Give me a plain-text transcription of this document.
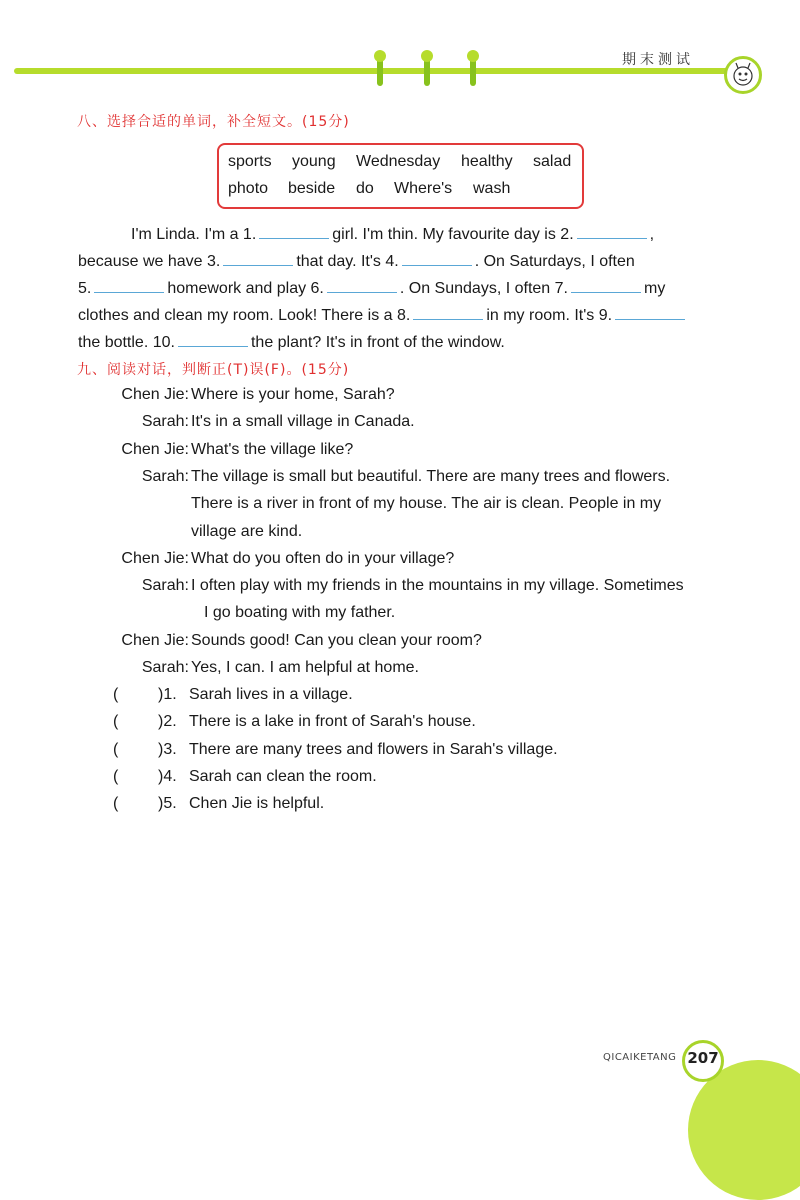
期末测试
八、选择合适的单词，补全短文。(15分)
sports young Wednesday healthy salad
photo beside do Where's wash
I'm Linda. I'm a 1.	girl. I'm thin. My favourite day is 2.	,
because we have 3.	that day. It's 4.	. On Saturdays, I often
5.	homework and play 6.	. On Sundays, I often 7.	my
clothes and clean my room. Look! There is a 8.	in my room. It's 9.
the bottle. 10.	the plant? It's in front of the window.
九、阅读对话，判断正(T)误(F)。(15分)
Chen Jie: Where is your home, Sarah?
Sarah: It's in a small village in Canada.
Chen Jie: What's the village like?
Sarah: The village is small but beautiful. There are many trees and flowers.
There is a river in front of my house. The air is clean. People in my
village are kind.
Chen Jie: What do you often do in your village?
Sarah: I often play with my friends in the mountains in my village. Sometimes
I go boating with my father.
Chen Jie: Sounds good! Can you clean your room?
Sarah: Yes, I can. I am helpful at home.
( )1. Sarah lives in a village.
( )2. There is a lake in front of Sarah's house.
( )3. There are many trees and flowers in Sarah's village.
( )4. Sarah can clean the room.
( )5. Chen Jie is helpful.
207
QICAIKETANG
